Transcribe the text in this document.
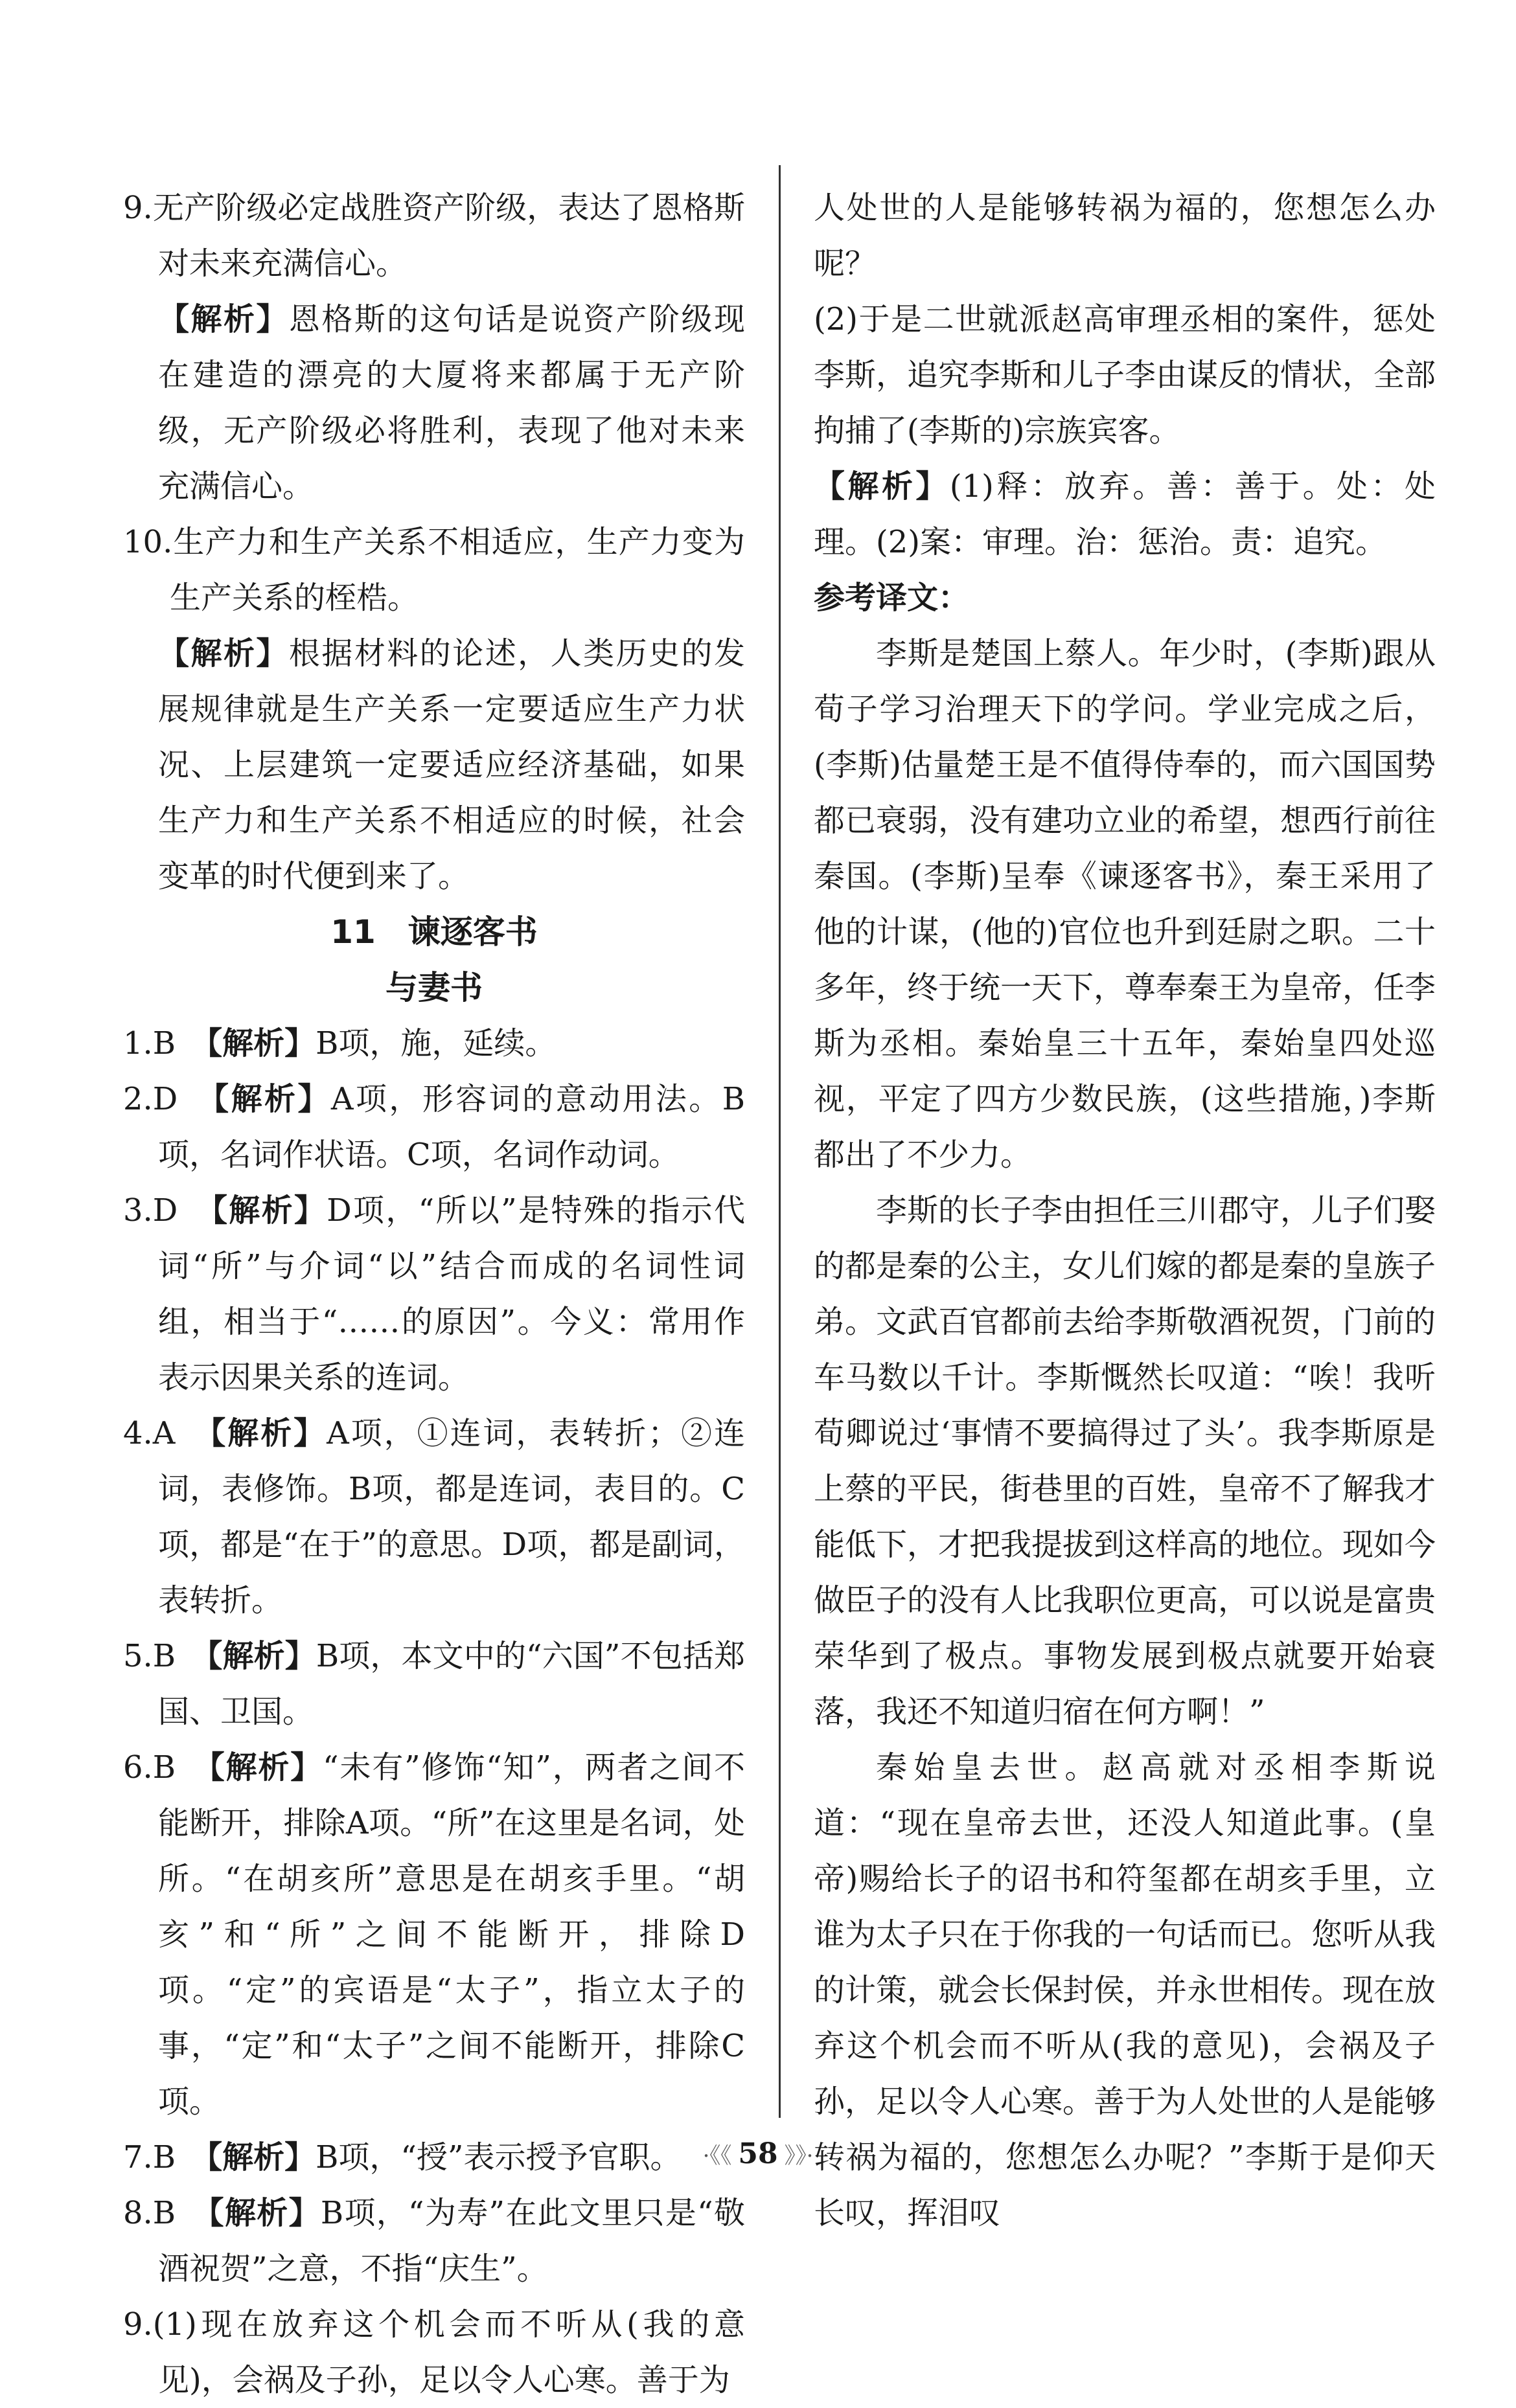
9.无产阶级必定战胜资产阶级，表达了恩格斯对未来充满信心。

【解析】恩格斯的这句话是说资产阶级现在建造的漂亮的大厦将来都属于无产阶级，无产阶级必将胜利，表现了他对未来充满信心。

10.生产力和生产关系不相适应，生产力变为生产关系的桎梏。

【解析】根据材料的论述，人类历史的发展规律就是生产关系一定要适应生产力状况、上层建筑一定要适应经济基础，如果生产力和生产关系不相适应的时候，社会变革的时代便到来了。

11　谏逐客书
与妻书

1.B　【解析】B项，施，延续。

2.D　【解析】A项，形容词的意动用法。B项，名词作状语。C项，名词作动词。

3.D　【解析】D项，“所以”是特殊的指示代词“所”与介词“以”结合而成的名词性词组，相当于“……的原因”。今义：常用作表示因果关系的连词。

4.A　【解析】A项，①连词，表转折；②连词，表修饰。B项，都是连词，表目的。C项，都是“在于”的意思。D项，都是副词，表转折。

5.B　【解析】B项，本文中的“六国”不包括郑国、卫国。

6.B　【解析】“未有”修饰“知”，两者之间不能断开，排除A项。“所”在这里是名词，处所。“在胡亥所”意思是在胡亥手里。“胡亥”和“所”之间不能断开，排除D项。“定”的宾语是“太子”，指立太子的事，“定”和“太子”之间不能断开，排除C项。

7.B　【解析】B项，“授”表示授予官职。

8.B　【解析】B项，“为寿”在此文里只是“敬酒祝贺”之意，不指“庆生”。

9.(1)现在放弃这个机会而不听从(我的意见)，会祸及子孙，足以令人心寒。善于为

人处世的人是能够转祸为福的，您想怎么办呢？

(2)于是二世就派赵高审理丞相的案件，惩处李斯，追究李斯和儿子李由谋反的情状，全部拘捕了(李斯的)宗族宾客。

【解析】(1)释：放弃。善：善于。处：处理。(2)案：审理。治：惩治。责：追究。

参考译文：

李斯是楚国上蔡人。年少时，(李斯)跟从荀子学习治理天下的学问。学业完成之后，(李斯)估量楚王是不值得侍奉的，而六国国势都已衰弱，没有建功立业的希望，想西行前往秦国。(李斯)呈奉《谏逐客书》，秦王采用了他的计谋，(他的)官位也升到廷尉之职。二十多年，终于统一天下，尊奉秦王为皇帝，任李斯为丞相。秦始皇三十五年，秦始皇四处巡视，平定了四方少数民族，(这些措施，)李斯都出了不少力。

李斯的长子李由担任三川郡守，儿子们娶的都是秦的公主，女儿们嫁的都是秦的皇族子弟。文武百官都前去给李斯敬酒祝贺，门前的车马数以千计。李斯慨然长叹道：“唉！我听荀卿说过‘事情不要搞得过了头’。我李斯原是上蔡的平民，街巷里的百姓，皇帝不了解我才能低下，才把我提拔到这样高的地位。现如今做臣子的没有人比我职位更高，可以说是富贵荣华到了极点。事物发展到极点就要开始衰落，我还不知道归宿在何方啊！”

秦始皇去世。赵高就对丞相李斯说道：“现在皇帝去世，还没人知道此事。(皇帝)赐给长子的诏书和符玺都在胡亥手里，立谁为太子只在于你我的一句话而已。您听从我的计策，就会长保封侯，并永世相传。现在放弃这个机会而不听从(我的意见)，会祸及子孙，足以令人心寒。善于为人处世的人是能够转祸为福的，您想怎么办呢？”李斯于是仰天长叹，挥泪叹

·《《 58 》》·
